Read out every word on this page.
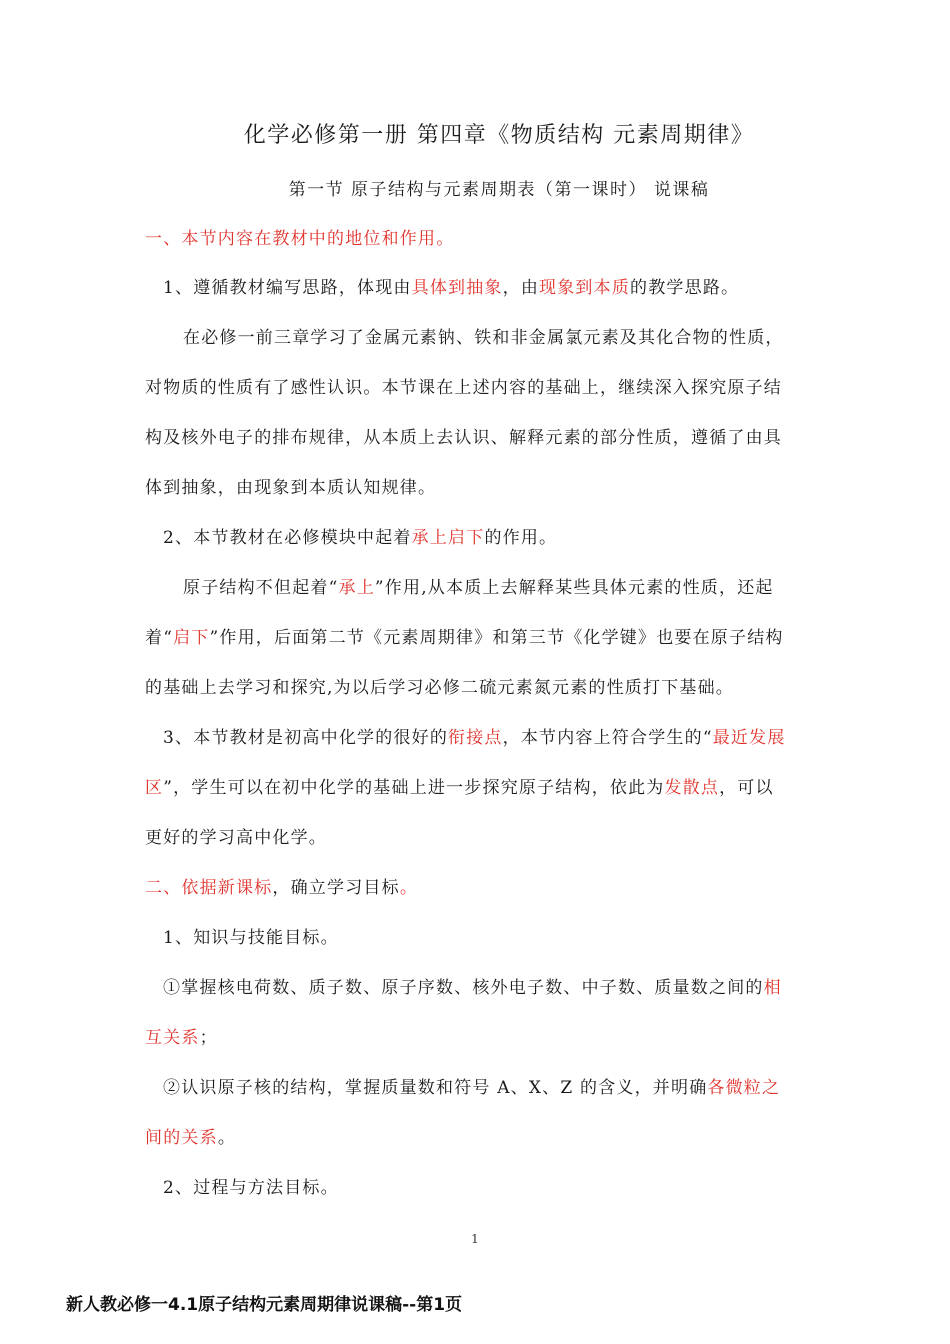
化学必修第一册 第四章《物质结构 元素周期律》
第一节 原子结构与元素周期表（第一课时） 说课稿
一、本节内容在教材中的地位和作用。
1、遵循教材编写思路，体现由具体到抽象，由现象到本质的教学思路。
在必修一前三章学习了金属元素钠、铁和非金属氯元素及其化合物的性质，
对物质的性质有了感性认识。本节课在上述内容的基础上，继续深入探究原子结
构及核外电子的排布规律，从本质上去认识、解释元素的部分性质，遵循了由具
体到抽象，由现象到本质认知规律。
2、本节教材在必修模块中起着承上启下的作用。
原子结构不但起着“承上”作用,从本质上去解释某些具体元素的性质，还起
着“启下”作用，后面第二节《元素周期律》和第三节《化学键》也要在原子结构
的基础上去学习和探究,为以后学习必修二硫元素氮元素的性质打下基础。
3、本节教材是初高中化学的很好的衔接点，本节内容上符合学生的“最近发展
区”，学生可以在初中化学的基础上进一步探究原子结构，依此为发散点，可以
更好的学习高中化学。
二、依据新课标，确立学习目标。
1、知识与技能目标。
①掌握核电荷数、质子数、原子序数、核外电子数、中子数、质量数之间的相
互关系；
②认识原子核的结构，掌握质量数和符号 A、X、Z 的含义，并明确各微粒之
间的关系。
2、过程与方法目标。
1
新人教必修一4.1原子结构元素周期律说课稿--第1页
